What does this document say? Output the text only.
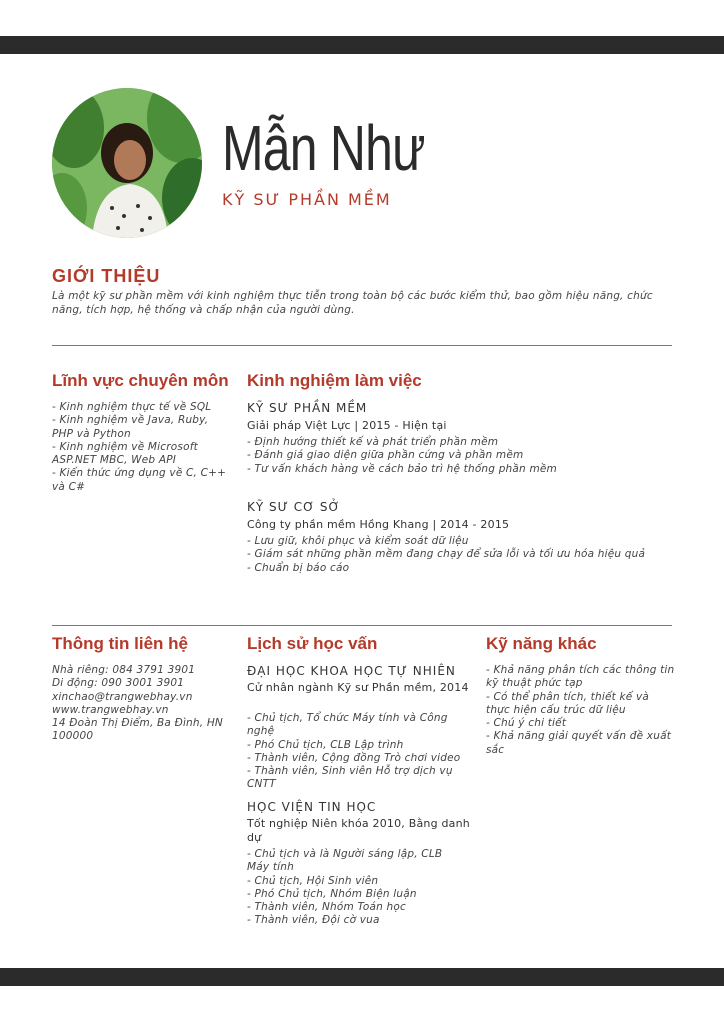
Mẫn Như

KỸ SƯ PHẦN MỀM

GIỚI THIỆU

Là một kỹ sư phần mềm với kinh nghiệm thực tiễn trong toàn bộ các bước kiểm thử, bao gồm hiệu năng, chức năng, tích hợp, hệ thống và chấp nhận của người dùng.

Lĩnh vực chuyên môn
- Kinh nghiệm thực tế về SQL
- Kinh nghiệm về Java, Ruby, PHP và Python
- Kinh nghiệm về Microsoft ASP.NET MBC, Web API
- Kiến thức ứng dụng về C, C++ và C#
Kinh nghiệm làm việc

KỸ SƯ PHẦN MỀM

Giải pháp Việt Lực | 2015 - Hiện tại

- Định hướng thiết kế và phát triển phần mềm
- Đánh giá giao diện giữa phần cứng và phần mềm
- Tư vấn khách hàng về cách bảo trì hệ thống phần mềm

KỸ SƯ CƠ SỞ

Công ty phần mềm Hồng Khang | 2014 - 2015

- Lưu giữ, khôi phục và kiểm soát dữ liệu
- Giám sát những phần mềm đang chạy để sửa lỗi và tối ưu hóa hiệu quả
- Chuẩn bị báo cáo
Thông tin liên hệ
Nhà riêng: 084 3791 3901
Di động: 090 3001 3901
xinchao@trangwebhay.vn
www.trangwebhay.vn
14 Đoàn Thị Điểm, Ba Đình, HN 100000
Lịch sử học vấn

ĐẠI HỌC KHOA HỌC TỰ NHIÊN

Cử nhân ngành Kỹ sư Phần mềm, 2014

- Chủ tịch, Tổ chức Máy tính và Công nghệ
- Phó Chủ tịch, CLB Lập trình
- Thành viên, Cộng đồng Trò chơi video
- Thành viên, Sinh viên Hỗ trợ dịch vụ CNTT

HỌC VIỆN TIN HỌC

Tốt nghiệp Niên khóa 2010, Bằng danh dự

- Chủ tịch và là Người sáng lập, CLB Máy tính
- Chủ tịch, Hội Sinh viên
- Phó Chủ tịch, Nhóm Biện luận
- Thành viên, Nhóm Toán học
- Thành viên, Đội cờ vua
Kỹ năng khác
- Khả năng phân tích các thông tin kỹ thuật phức tạp
- Có thể phân tích, thiết kế và thực hiện cấu trúc dữ liệu
- Chú ý chi tiết
- Khả năng giải quyết vấn đề xuất sắc
